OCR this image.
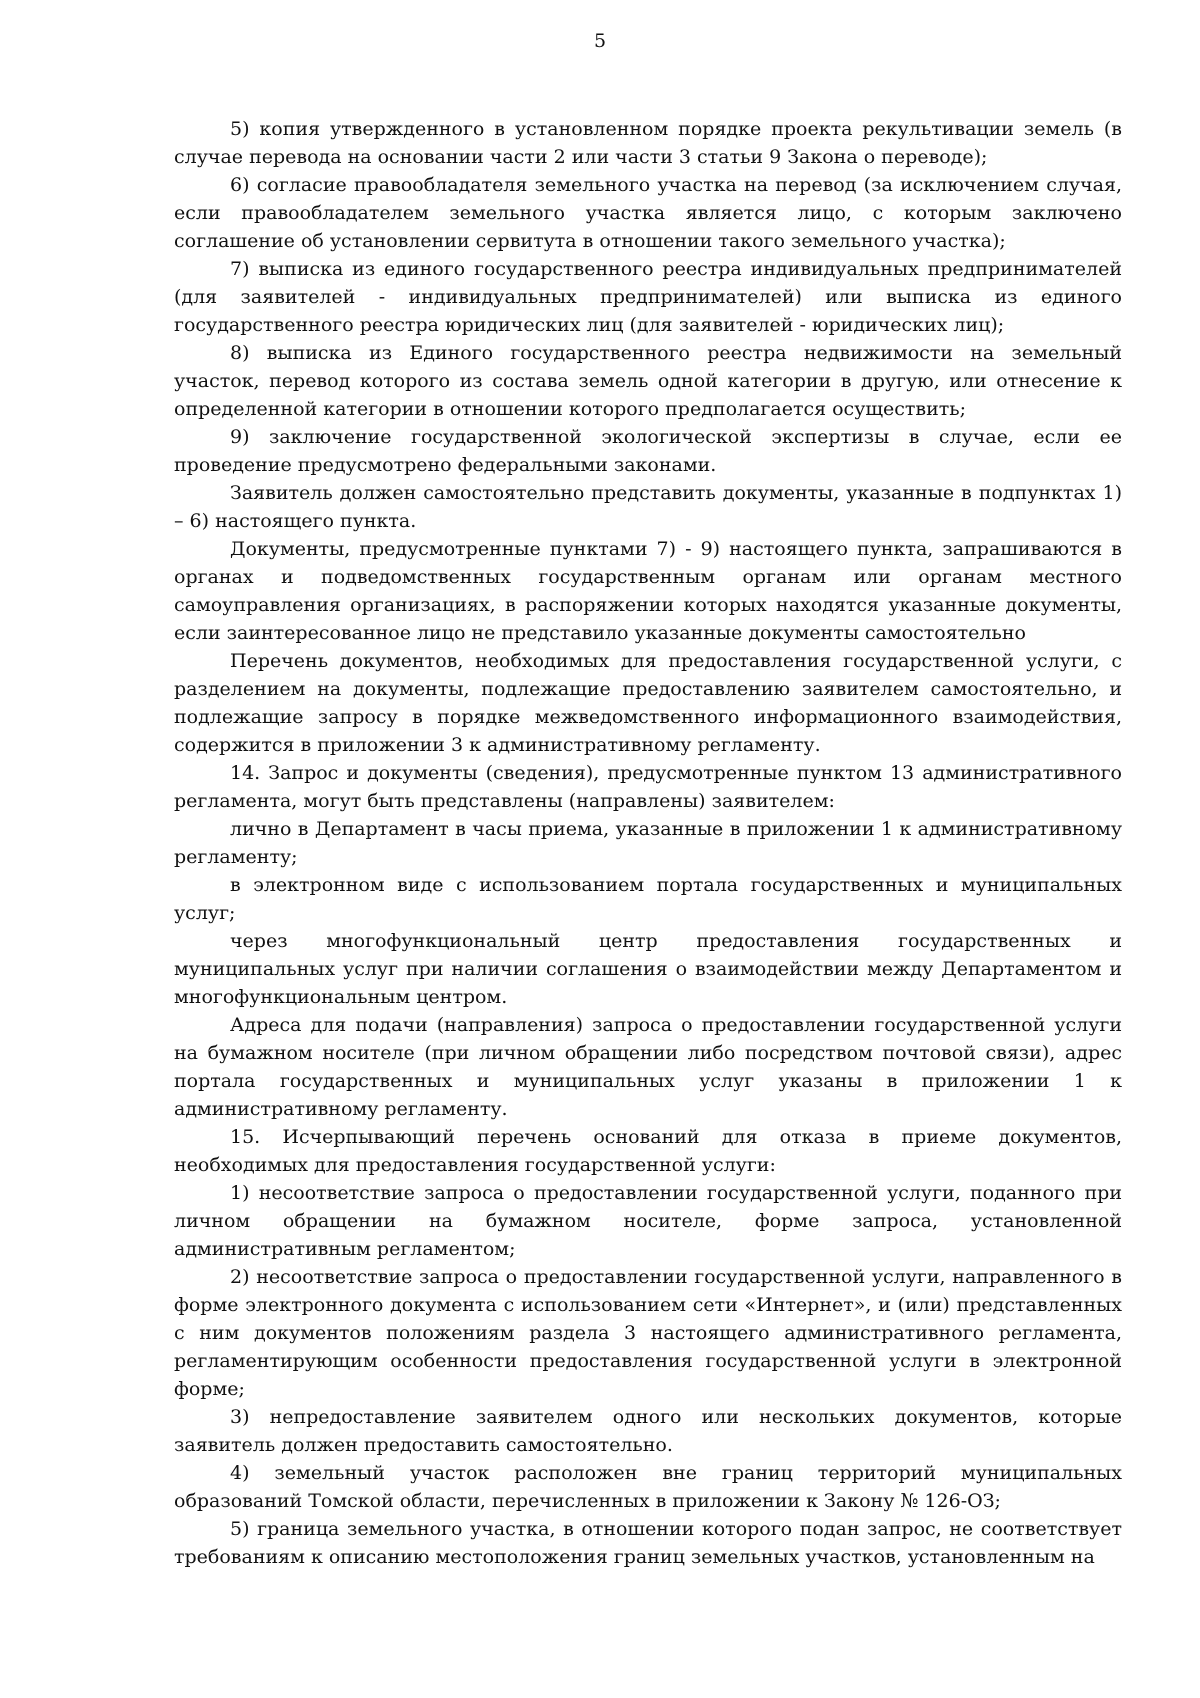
5

5) копия утвержденного в установленном порядке проекта рекультивации земель (в случае перевода на основании части 2 или части 3 статьи 9 Закона о переводе);

6) согласие правообладателя земельного участка на перевод (за исключением случая, если правообладателем земельного участка является лицо, с которым заключено соглашение об установлении сервитута в отношении такого земельного участка);

7) выписка из единого государственного реестра индивидуальных предпринимателей (для заявителей - индивидуальных предпринимателей) или выписка из единого государственного реестра юридических лиц (для заявителей - юридических лиц);

8) выписка из Единого государственного реестра недвижимости на земельный участок, перевод которого из состава земель одной категории в другую, или отнесение к определенной категории в отношении которого предполагается осуществить;

9) заключение государственной экологической экспертизы в случае, если ее проведение предусмотрено федеральными законами.

Заявитель должен самостоятельно представить документы, указанные в подпунктах 1) – 6) настоящего пункта.

Документы, предусмотренные пунктами 7) - 9) настоящего пункта, запрашиваются в органах и подведомственных государственным органам или органам местного самоуправления организациях, в распоряжении которых находятся указанные документы, если заинтересованное лицо не представило указанные документы самостоятельно

Перечень документов, необходимых для предоставления государственной услуги, с разделением на документы, подлежащие предоставлению заявителем самостоятельно, и подлежащие запросу в порядке межведомственного информационного взаимодействия, содержится в приложении 3 к административному регламенту.

14. Запрос и документы (сведения), предусмотренные пунктом 13 административного регламента, могут быть представлены (направлены) заявителем:

лично в Департамент в часы приема, указанные в приложении 1 к административному регламенту;

в электронном виде с использованием портала государственных и муниципальных услуг;

через многофункциональный центр предоставления государственных и муниципальных услуг при наличии соглашения о взаимодействии между Департаментом и многофункциональным центром.

Адреса для подачи (направления) запроса о предоставлении государственной услуги на бумажном носителе (при личном обращении либо посредством почтовой связи), адрес портала государственных и муниципальных услуг указаны в приложении 1 к административному регламенту.

15. Исчерпывающий перечень оснований для отказа в приеме документов, необходимых для предоставления государственной услуги:

1) несоответствие запроса о предоставлении государственной услуги, поданного при личном обращении на бумажном носителе, форме запроса, установленной административным регламентом;

2) несоответствие запроса о предоставлении государственной услуги, направленного в форме электронного документа с использованием сети «Интернет», и (или) представленных с ним документов положениям раздела 3 настоящего административного регламента, регламентирующим особенности предоставления государственной услуги в электронной форме;

3) непредоставление заявителем одного или нескольких документов, которые заявитель должен предоставить самостоятельно.

4) земельный участок расположен вне границ территорий муниципальных образований Томской области, перечисленных в приложении к Закону № 126-ОЗ;

5) граница земельного участка, в отношении которого подан запрос, не соответствует требованиям к описанию местоположения границ земельных участков, установленным на
